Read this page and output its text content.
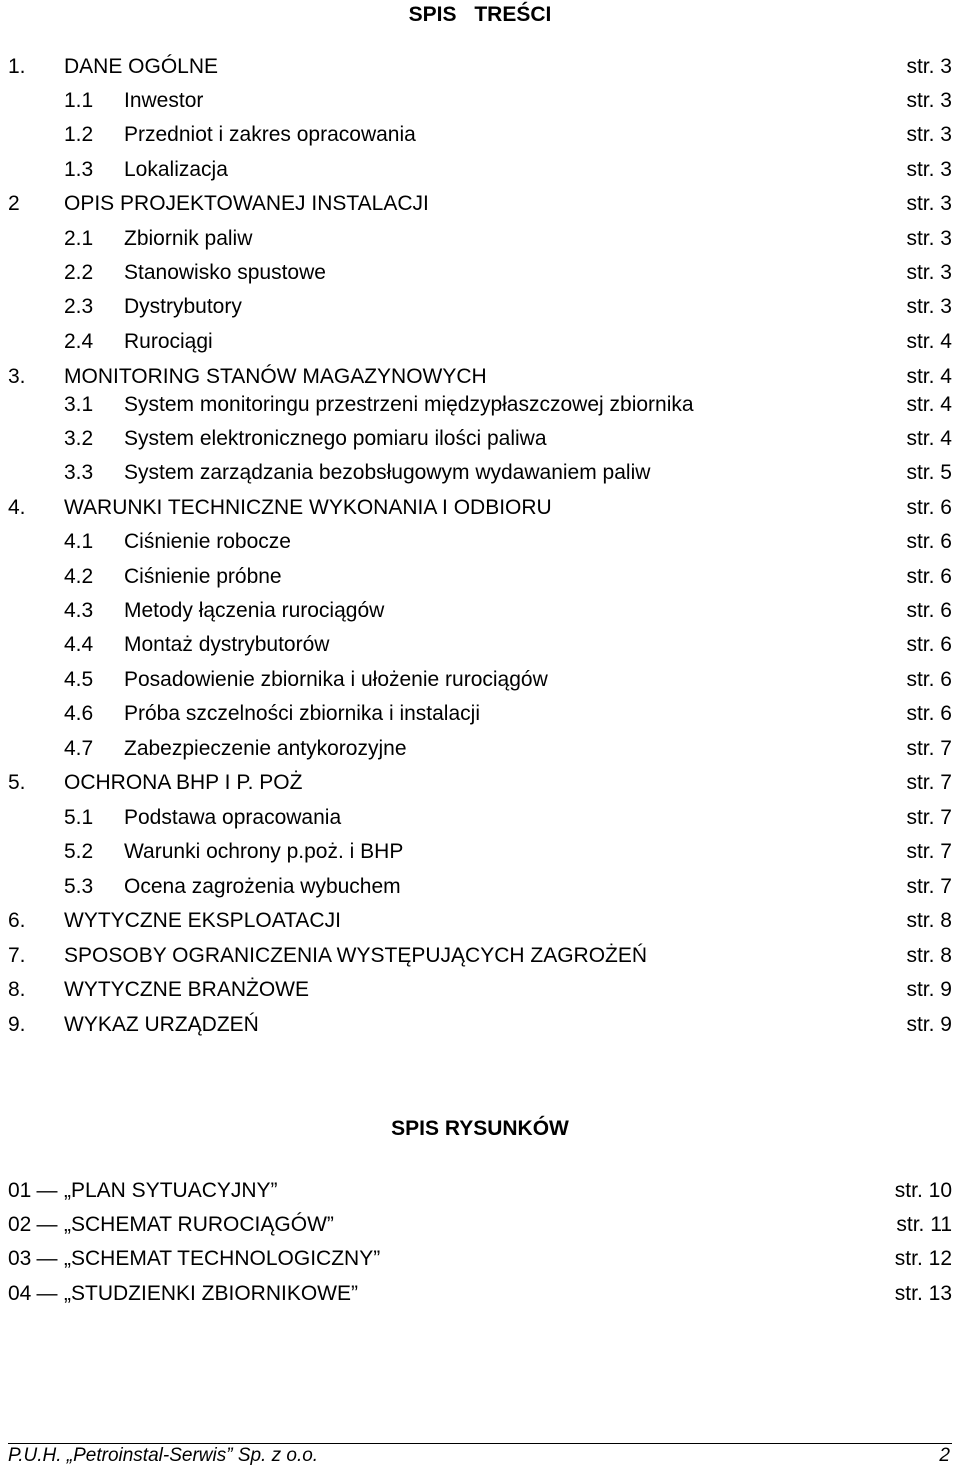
SPIS TREŚCI
1. DANE OGÓLNE	str. 3
1.1 Inwestor	str. 3
1.2 Przedniot i zakres opracowania	str. 3
1.3 Lokalizacja	str. 3
2 OPIS PROJEKTOWANEJ INSTALACJI	str. 3
2.1 Zbiornik paliw	str. 3
2.2 Stanowisko spustowe	str. 3
2.3 Dystrybutory	str. 3
2.4 Rurociągi	str. 4
3. MONITORING STANÓW MAGAZYNOWYCH	str. 4
3.1 System monitoringu przestrzeni międzypłaszczowej zbiornika	str. 4
3.2 System elektronicznego pomiaru ilości paliwa	str. 4
3.3 System zarządzania bezobsługowym wydawaniem paliw	str. 5
4. WARUNKI TECHNICZNE WYKONANIA I ODBIORU	str. 6
4.1 Ciśnienie robocze	str. 6
4.2 Ciśnienie próbne	str. 6
4.3 Metody łączenia rurociągów	str. 6
4.4 Montaż dystrybutorów	str. 6
4.5 Posadowienie zbiornika i ułożenie rurociągów	str. 6
4.6 Próba szczelności zbiornika i instalacji	str. 6
4.7 Zabezpieczenie antykorozyjne	str. 7
5. OCHRONA BHP I P. POŻ	str. 7
5.1 Podstawa opracowania	str. 7
5.2 Warunki ochrony p.poż. i BHP	str. 7
5.3 Ocena zagrożenia wybuchem	str. 7
6. WYTYCZNE EKSPLOATACJI	str. 8
7. SPOSOBY OGRANICZENIA WYSTĘPUJĄCYCH ZAGROŻEŃ	str. 8
8. WYTYCZNE BRANŻOWE	str. 9
9. WYKAZ URZĄDZEŃ	str. 9
SPIS RYSUNKÓW
01 — „PLAN SYTUACYJNY”	str. 10
02 — „SCHEMAT RUROCIĄGÓW”	str. 11
03 — „SCHEMAT TECHNOLOGICZNY”	str. 12
04 — „STUDZIENKI ZBIORNIKOWE”	str. 13
P.U.H. „Petroinstal-Serwis” Sp. z o.o.	2
